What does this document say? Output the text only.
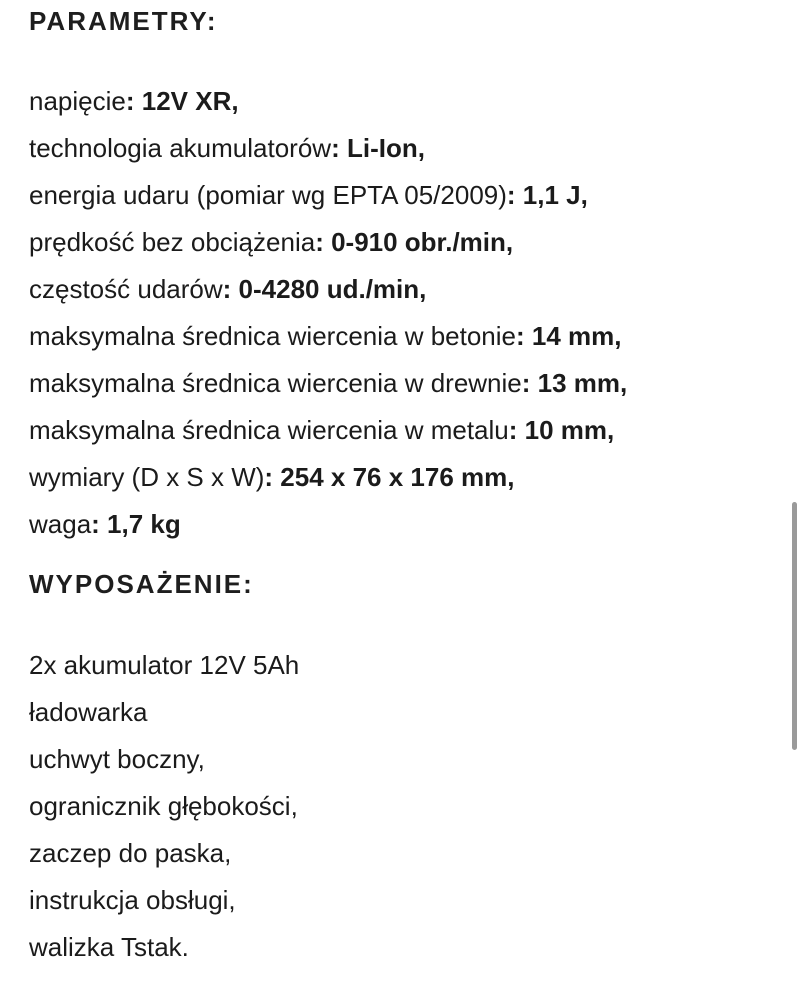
PARAMETRY:
napięcie: 12V XR,
technologia akumulatorów: Li-Ion,
energia udaru (pomiar wg EPTA 05/2009): 1,1 J,
prędkość bez obciążenia: 0-910 obr./min,
częstość udarów: 0-4280 ud./min,
maksymalna średnica wiercenia w betonie: 14 mm,
maksymalna średnica wiercenia w drewnie: 13 mm,
maksymalna średnica wiercenia w metalu: 10 mm,
wymiary (D x S x W): 254 x 76 x 176 mm,
waga: 1,7 kg
WYPOSAŻENIE:
2x akumulator 12V 5Ah
ładowarka
uchwyt boczny,
ogranicznik głębokości,
zaczep do paska,
instrukcja obsługi,
walizka Tstak.
